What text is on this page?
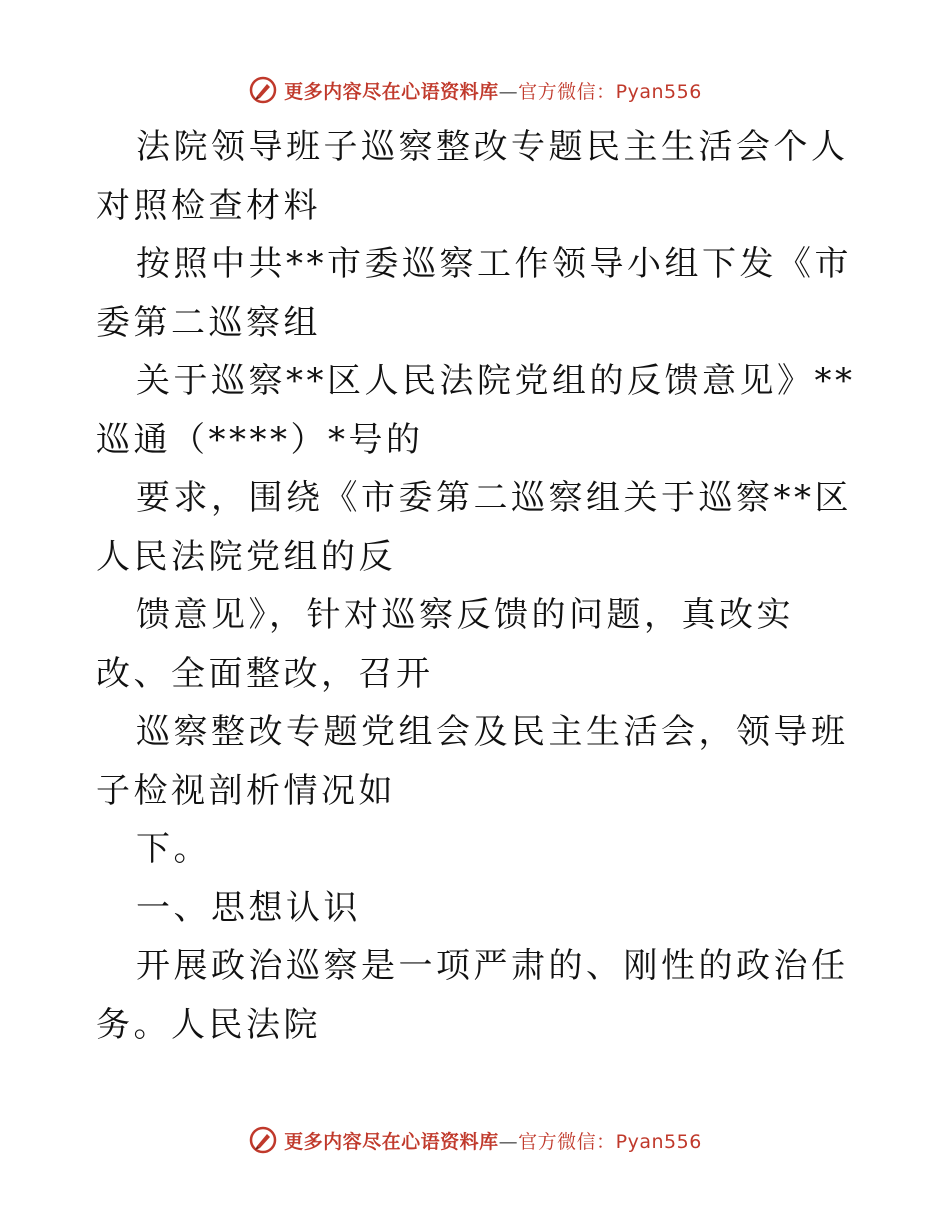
更多内容尽在心语资料库—官方微信：Pyan556

法院领导班子巡察整改专题民主生活会个人对照检查材料

按照中共**市委巡察工作领导小组下发《市委第二巡察组

关于巡察**区人民法院党组的反馈意见》**巡通（****）*号的

要求，围绕《市委第二巡察组关于巡察**区人民法院党组的反

馈意见》，针对巡察反馈的问题，真改实改、全面整改，召开

巡察整改专题党组会及民主生活会，领导班子检视剖析情况如

下。

一、思想认识

开展政治巡察是一项严肃的、刚性的政治任务。人民法院

更多内容尽在心语资料库—官方微信：Pyan556
